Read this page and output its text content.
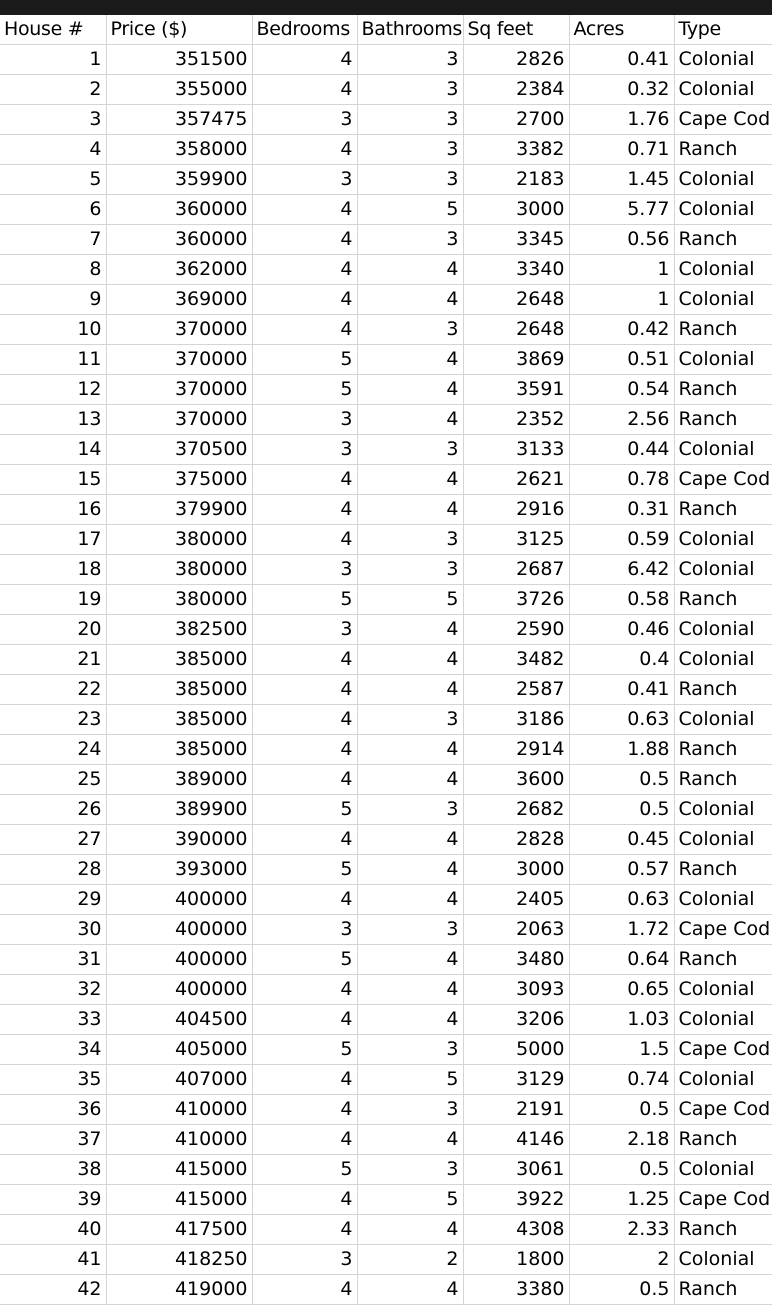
House #	Price ($)	Bedrooms	Bathrooms	Sq feet	Acres	Type
1	351500	4	3	2826	0.41	Colonial
2	355000	4	3	2384	0.32	Colonial
3	357475	3	3	2700	1.76	Cape Cod
4	358000	4	3	3382	0.71	Ranch
5	359900	3	3	2183	1.45	Colonial
6	360000	4	5	3000	5.77	Colonial
7	360000	4	3	3345	0.56	Ranch
8	362000	4	4	3340	1	Colonial
9	369000	4	4	2648	1	Colonial
10	370000	4	3	2648	0.42	Ranch
11	370000	5	4	3869	0.51	Colonial
12	370000	5	4	3591	0.54	Ranch
13	370000	3	4	2352	2.56	Ranch
14	370500	3	3	3133	0.44	Colonial
15	375000	4	4	2621	0.78	Cape Cod
16	379900	4	4	2916	0.31	Ranch
17	380000	4	3	3125	0.59	Colonial
18	380000	3	3	2687	6.42	Colonial
19	380000	5	5	3726	0.58	Ranch
20	382500	3	4	2590	0.46	Colonial
21	385000	4	4	3482	0.4	Colonial
22	385000	4	4	2587	0.41	Ranch
23	385000	4	3	3186	0.63	Colonial
24	385000	4	4	2914	1.88	Ranch
25	389000	4	4	3600	0.5	Ranch
26	389900	5	3	2682	0.5	Colonial
27	390000	4	4	2828	0.45	Colonial
28	393000	5	4	3000	0.57	Ranch
29	400000	4	4	2405	0.63	Colonial
30	400000	3	3	2063	1.72	Cape Cod
31	400000	5	4	3480	0.64	Ranch
32	400000	4	4	3093	0.65	Colonial
33	404500	4	4	3206	1.03	Colonial
34	405000	5	3	5000	1.5	Cape Cod
35	407000	4	5	3129	0.74	Colonial
36	410000	4	3	2191	0.5	Cape Cod
37	410000	4	4	4146	2.18	Ranch
38	415000	5	3	3061	0.5	Colonial
39	415000	4	5	3922	1.25	Cape Cod
40	417500	4	4	4308	2.33	Ranch
41	418250	3	2	1800	2	Colonial
42	419000	4	4	3380	0.5	Ranch
